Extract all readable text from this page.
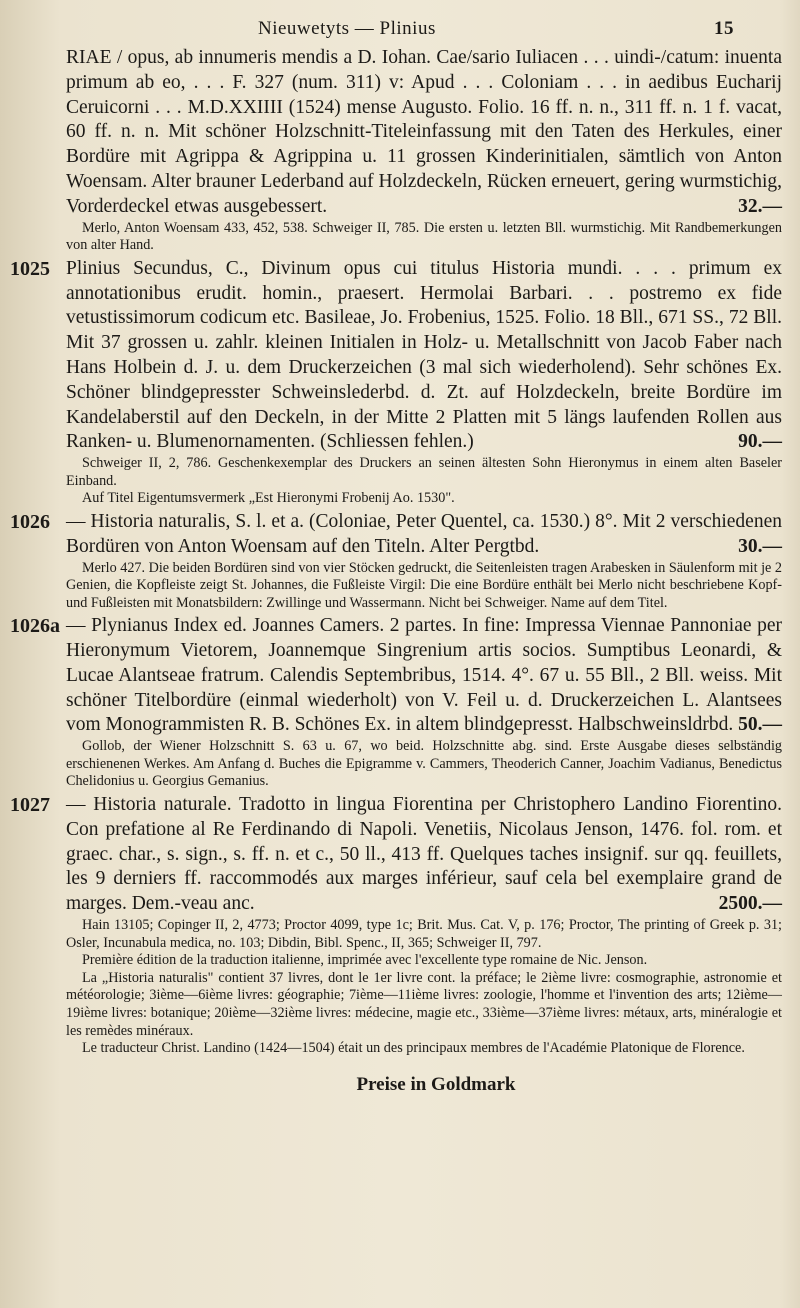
Nieuwetyts — Plinius	15
RIAE / opus, ab innumeris mendis a D. Iohan. Cae/sario Iuliacen . . . uindi-/catum: inuenta primum ab eo, . . . F. 327 (num. 311) v: Apud . . . Coloniam . . . in aedibus Eucharij Ceruicorni . . . M.D.XXIIII (1524) mense Augusto. Folio. 16 ff. n. n., 311 ff. n. 1 f. vacat, 60 ff. n. n. Mit schöner Holzschnitt-Titeleinfassung mit den Taten des Herkules, einer Bordüre mit Agrippa & Agrippina u. 11 grossen Kinderinitialen, sämtlich von Anton Woensam. Alter brauner Lederband auf Holzdeckeln, Rücken erneuert, gering wurmstichig, Vorderdeckel etwas ausgebessert.	32.—

Merlo, Anton Woensam 433, 452, 538. Schweiger II, 785. Die ersten u. letzten Bll. wurmstichig. Mit Randbemerkungen von alter Hand.

1025 Plinius Secundus, C., Divinum opus cui titulus Historia mundi. . . . primum ex annotationibus erudit. homin., praesert. Hermolai Barbari. . . postremo ex fide vetustissimorum codicum etc. Basileae, Jo. Frobenius, 1525. Folio. 18 Bll., 671 SS., 72 Bll. Mit 37 grossen u. zahlr. kleinen Initialen in Holz- u. Metallschnitt von Jacob Faber nach Hans Holbein d. J. u. dem Druckerzeichen (3 mal sich wiederholend). Sehr schönes Ex. Schöner blindgepresster Schweinslederbd. d. Zt. auf Holzdeckeln, breite Bordüre im Kandelaberstil auf den Deckeln, in der Mitte 2 Platten mit 5 längs laufenden Rollen aus Ranken- u. Blumenornamenten. (Schliessen fehlen.)	90.—

Schweiger II, 2, 786. Geschenkexemplar des Druckers an seinen ältesten Sohn Hieronymus in einem alten Baseler Einband.

Auf Titel Eigentumsvermerk „Est Hieronymi Frobenij Ao. 1530".

1026 — Historia naturalis, S. l. et a. (Coloniae, Peter Quentel, ca. 1530.) 8°. Mit 2 verschiedenen Bordüren von Anton Woensam auf den Titeln. Alter Pergtbd.	30.—

Merlo 427. Die beiden Bordüren sind von vier Stöcken gedruckt, die Seitenleisten tragen Arabesken in Säulenform mit je 2 Genien, die Kopfleiste zeigt St. Johannes, die Fußleiste Virgil: Die eine Bordüre enthält bei Merlo nicht beschriebene Kopf- und Fußleisten mit Monatsbildern: Zwillinge und Wassermann. Nicht bei Schweiger. Name auf dem Titel.

1026a — Plynianus Index ed. Joannes Camers. 2 partes. In fine: Impressa Viennae Pannoniae per Hieronymum Vietorem, Joannemque Singrenium artis socios. Sumptibus Leonardi, & Lucae Alantseae fratrum. Calendis Septembribus, 1514. 4°. 67 u. 55 Bll., 2 Bll. weiss. Mit schöner Titelbordüre (einmal wiederholt) von V. Feil u. d. Druckerzeichen L. Alantsees vom Monogrammisten R. B. Schönes Ex. in altem blindgepresst. Halbschweinsldrbd. 50.—

Gollob, der Wiener Holzschnitt S. 63 u. 67, wo beid. Holzschnitte abg. sind. Erste Ausgabe dieses selbständig erschienenen Werkes. Am Anfang d. Buches die Epigramme v. Cammers, Theoderich Canner, Joachim Vadianus, Benedictus Chelidonius u. Georgius Gemanius.

1027 — Historia naturale. Tradotto in lingua Fiorentina per Christophero Landino Fiorentino. Con prefatione al Re Ferdinando di Napoli. Venetiis, Nicolaus Jenson, 1476. fol. rom. et graec. char., s. sign., s. ff. n. et c., 50 ll., 413 ff. Quelques taches insignif. sur qq. feuillets, les 9 derniers ff. raccommodés aux marges inférieur, sauf cela bel exemplaire grand de marges. Dem.-veau anc.	2500.—

Hain 13105; Copinger II, 2, 4773; Proctor 4099, type 1c; Brit. Mus. Cat. V, p. 176; Proctor, The printing of Greek p. 31; Osler, Incunabula medica, no. 103; Dibdin, Bibl. Spenc., II, 365; Schweiger II, 797.

Première édition de la traduction italienne, imprimée avec l'excellente type romaine de Nic. Jenson.

La „Historia naturalis" contient 37 livres, dont le 1er livre cont. la préface; le 2ième livre: cosmographie, astronomie et météorologie; 3ième—6ième livres: géographie; 7ième—11ième livres: zoologie, l'homme et l'invention des arts; 12ième—19ième livres: botanique; 20ième—32ième livres: médecine, magie etc., 33ième—37ième livres: métaux, arts, minéralogie et les remèdes minéraux.

Le traducteur Christ. Landino (1424—1504) était un des principaux membres de l'Académie Platonique de Florence.

Preise in Goldmark
